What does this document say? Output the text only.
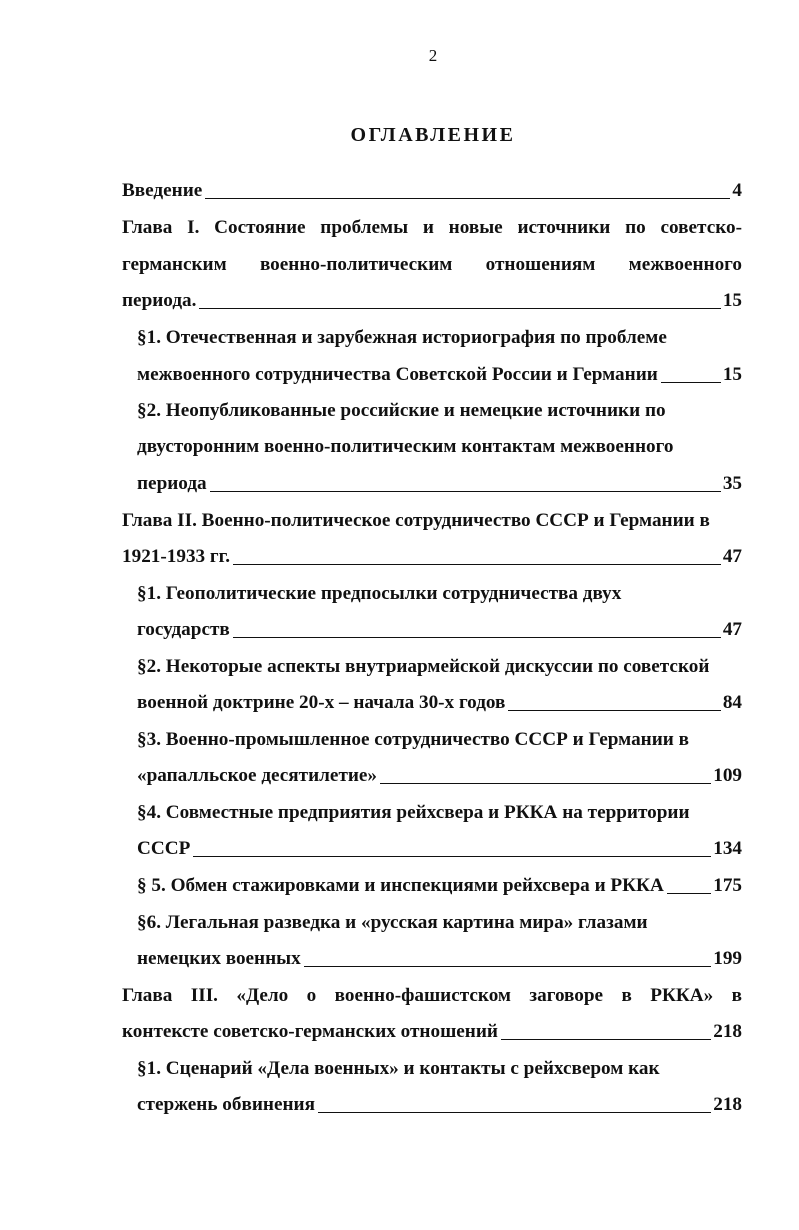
2
ОГЛАВЛЕНИЕ
Введение	4
Глава I. Состояние проблемы и новые источники по советско-
германским военно-политическим отношениям межвоенного
периода.	15
§1. Отечественная и зарубежная историография по проблеме
межвоенного сотрудничества Советской России и Германии	15
§2. Неопубликованные российские и немецкие источники по
двусторонним военно-политическим контактам межвоенного
периода	35
Глава II. Военно-политическое сотрудничество СССР и Германии в
1921-1933 гг.	47
§1. Геополитические предпосылки сотрудничества двух
государств	47
§2. Некоторые аспекты внутриармейской дискуссии по советской
военной доктрине 20-х – начала 30-х годов	84
§3. Военно-промышленное сотрудничество СССР и Германии в
«рапалльское десятилетие»	109
§4. Совместные предприятия рейхсвера и РККА на территории
СССР	134
§ 5. Обмен стажировками и инспекциями рейхсвера и РККА	175
§6. Легальная разведка и «русская картина мира» глазами
немецких военных	199
Глава III. «Дело о военно-фашистском заговоре в РККА» в
контексте советско-германских отношений	218
§1. Сценарий «Дела военных» и контакты с рейхсвером как
стержень обвинения	218
